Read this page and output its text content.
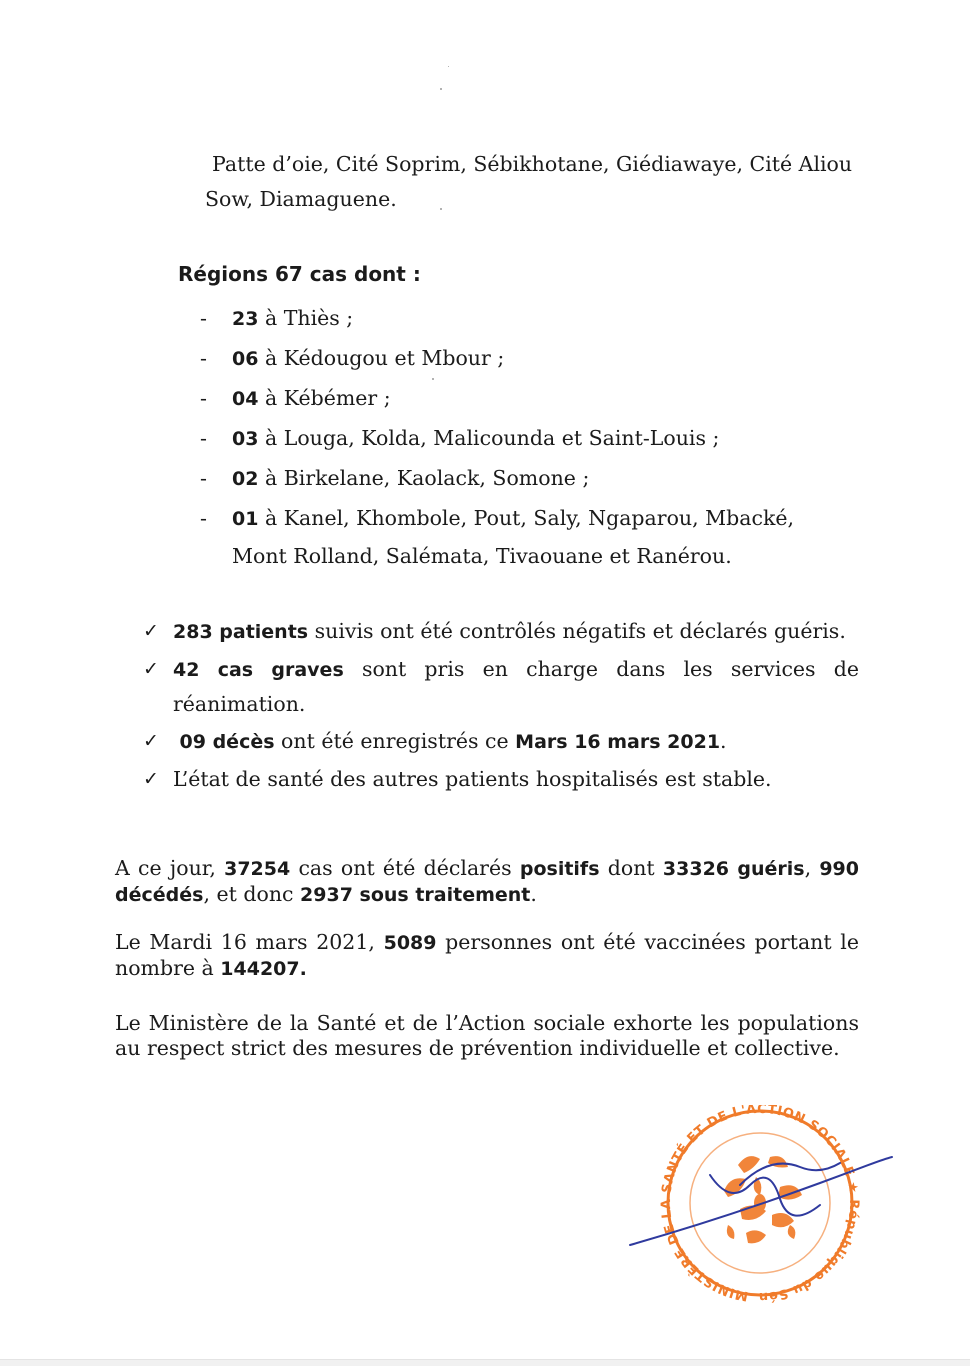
Patte d’oie, Cité Soprim, Sébikhotane, Giédiawaye, Cité Aliou
Sow, Diamaguene.
Régions 67 cas dont :
- 23 à Thiès ;
- 06 à Kédougou et Mbour ;
- 04 à Kébémer ;
- 03 à Louga, Kolda, Malicounda et Saint-Louis ;
- 02 à Birkelane, Kaolack, Somone ;
- 01 à Kanel, Khombole, Pout, Saly, Ngaparou, Mbacké,
Mont Rolland, Salémata, Tivaouane et Ranérou.
✓ 283 patients suivis ont été contrôlés négatifs et déclarés guéris.
✓ 42 cas graves sont pris en charge dans les services de réanimation.
✓ 09 décès ont été enregistrés ce Mars 16 mars 2021.
✓ L’état de santé des autres patients hospitalisés est stable.
A ce jour, 37254 cas ont été déclarés positifs dont 33326 guéris, 990 décédés, et donc 2937 sous traitement.
Le Mardi 16 mars 2021, 5089 personnes ont été vaccinées portant le nombre à 144207.
Le Ministère de la Santé et de l’Action sociale exhorte les populations au respect strict des mesures de prévention individuelle et collective.
MINISTÈRE DE LA SANTÉ ET DE L'ACTION SOCIALE ★ République du Sén
